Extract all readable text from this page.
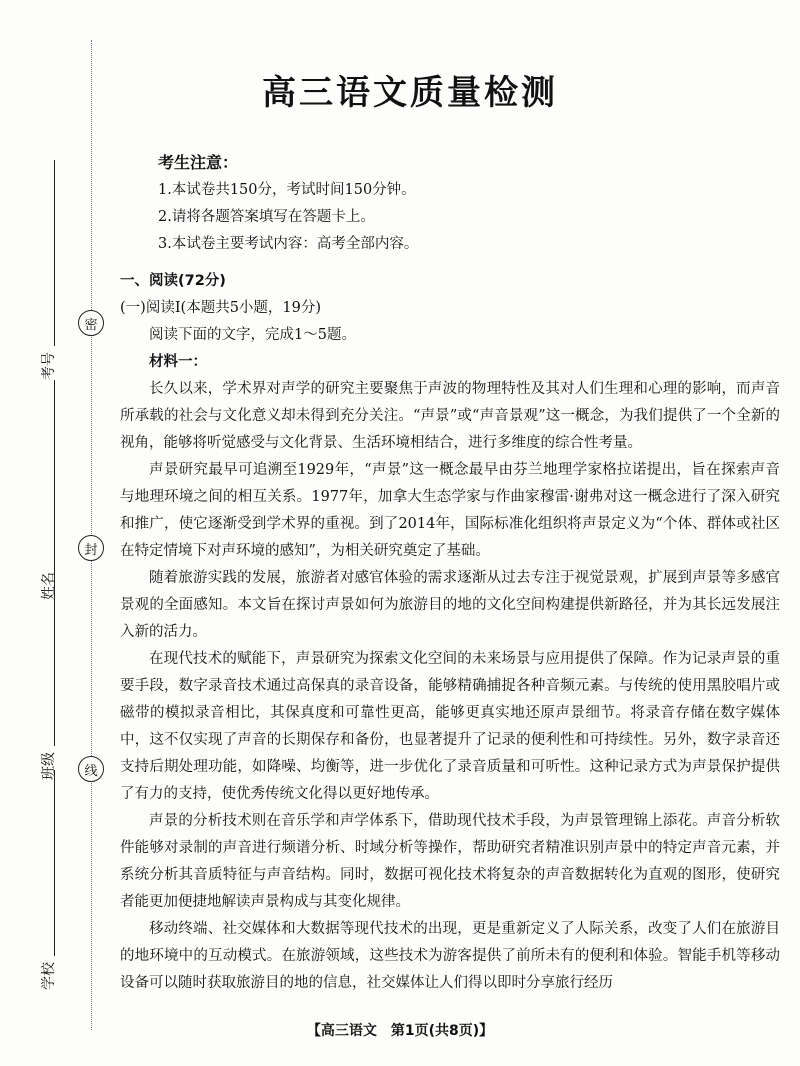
密
封
线
考号
姓名
班级
学校
高三语文质量检测
考生注意：
1.本试卷共150分，考试时间150分钟。
2.请将各题答案填写在答题卡上。
3.本试卷主要考试内容：高考全部内容。
一、阅读(72分)
(一)阅读Ⅰ(本题共5小题，19分)
阅读下面的文字，完成1～5题。
材料一：

长久以来，学术界对声学的研究主要聚焦于声波的物理特性及其对人们生理和心理的影响，而声音所承载的社会与文化意义却未得到充分关注。“声景”或“声音景观”这一概念，为我们提供了一个全新的视角，能够将听觉感受与文化背景、生活环境相结合，进行多维度的综合性考量。

声景研究最早可追溯至1929年，“声景”这一概念最早由芬兰地理学家格拉诺提出，旨在探索声音与地理环境之间的相互关系。1977年，加拿大生态学家与作曲家穆雷·谢弗对这一概念进行了深入研究和推广，使它逐渐受到学术界的重视。到了2014年，国际标准化组织将声景定义为“个体、群体或社区在特定情境下对声环境的感知”，为相关研究奠定了基础。

随着旅游实践的发展，旅游者对感官体验的需求逐渐从过去专注于视觉景观，扩展到声景等多感官景观的全面感知。本文旨在探讨声景如何为旅游目的地的文化空间构建提供新路径，并为其长远发展注入新的活力。

在现代技术的赋能下，声景研究为探索文化空间的未来场景与应用提供了保障。作为记录声景的重要手段，数字录音技术通过高保真的录音设备，能够精确捕捉各种音频元素。与传统的使用黑胶唱片或磁带的模拟录音相比，其保真度和可靠性更高，能够更真实地还原声景细节。将录音存储在数字媒体中，这不仅实现了声音的长期保存和备份，也显著提升了记录的便利性和可持续性。另外，数字录音还支持后期处理功能，如降噪、均衡等，进一步优化了录音质量和可听性。这种记录方式为声景保护提供了有力的支持，使优秀传统文化得以更好地传承。

声景的分析技术则在音乐学和声学体系下，借助现代技术手段，为声景管理锦上添花。声音分析软件能够对录制的声音进行频谱分析、时域分析等操作，帮助研究者精准识别声景中的特定声音元素，并系统分析其音质特征与声音结构。同时，数据可视化技术将复杂的声音数据转化为直观的图形，使研究者能更加便捷地解读声景构成与其变化规律。

移动终端、社交媒体和大数据等现代技术的出现，更是重新定义了人际关系，改变了人们在旅游目的地环境中的互动模式。在旅游领域，这些技术为游客提供了前所未有的便利和体验。智能手机等移动设备可以随时获取旅游目的地的信息，社交媒体让人们得以即时分享旅行经历

【高三语文　第1页(共8页)】
